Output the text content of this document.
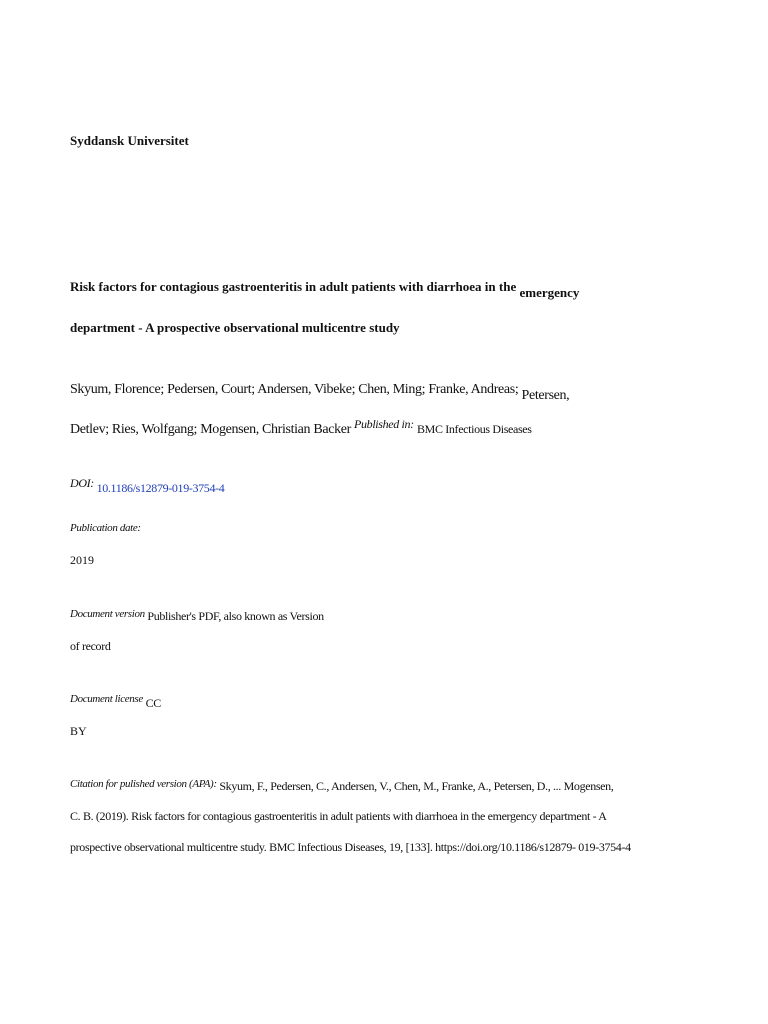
Syddansk Universitet
Risk factors for contagious gastroenteritis in adult patients with diarrhoea in the emergency
department - A prospective observational multicentre study
Skyum, Florence; Pedersen, Court; Andersen, Vibeke; Chen, Ming; Franke, Andreas; Petersen,
Detlev; Ries, Wolfgang; Mogensen, Christian Backer Published in: BMC Infectious Diseases
DOI: 10.1186/s12879-019-3754-4
Publication date:
2019
Document version Publisher's PDF, also known as Version
of record
Document license CC
BY
Citation for pulished version (APA): Skyum, F., Pedersen, C., Andersen, V., Chen, M., Franke, A., Petersen, D., ... Mogensen,
C. B. (2019). Risk factors for contagious gastroenteritis in adult patients with diarrhoea in the emergency department - A
prospective observational multicentre study. BMC Infectious Diseases, 19, [133]. https://doi.org/10.1186/s12879- 019-3754-4
